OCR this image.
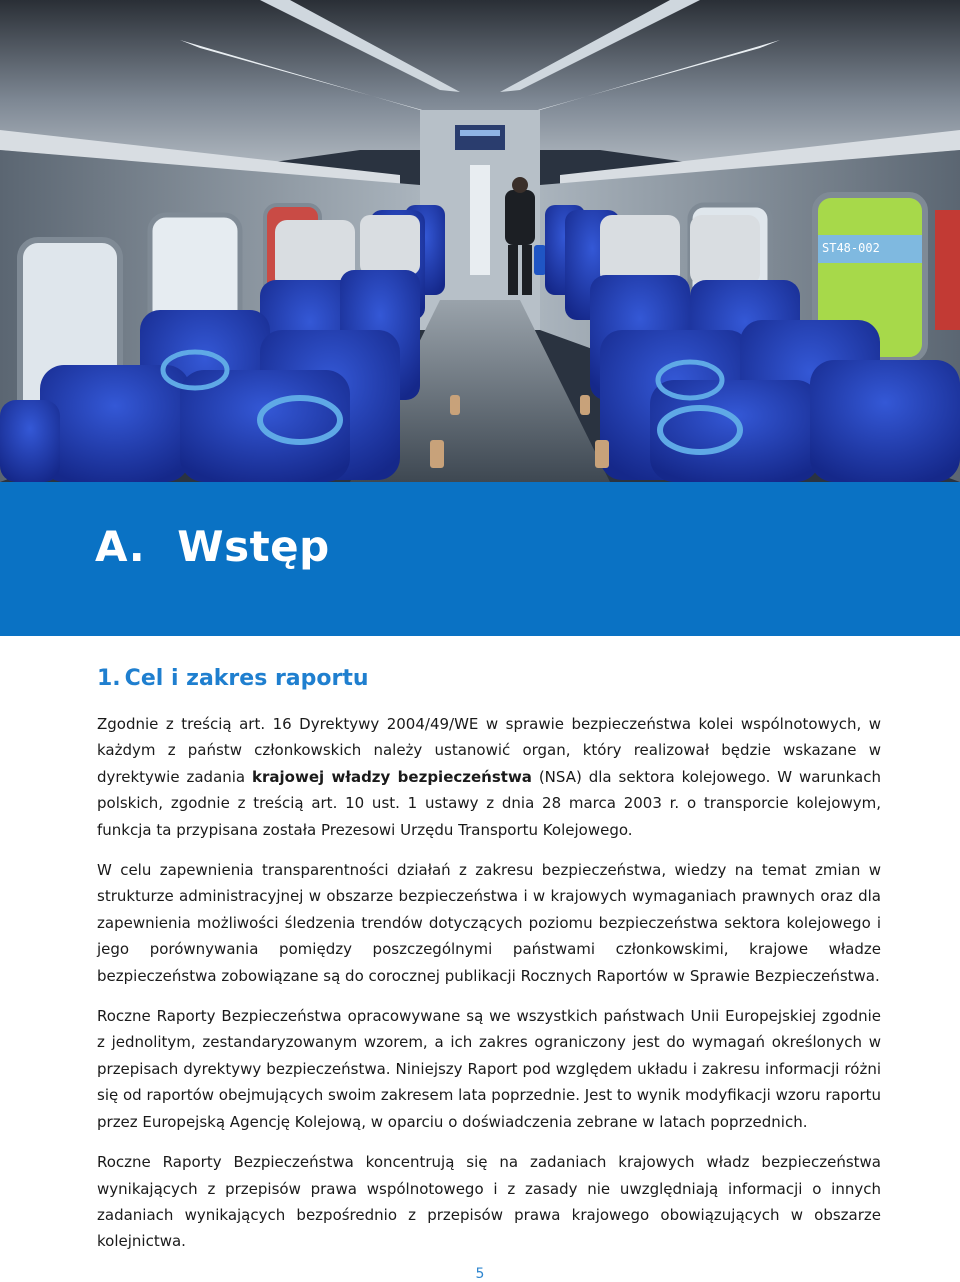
ST48-002
A. Wstęp
1. Cel i zakres raportu

Zgodnie z treścią art. 16 Dyrektywy 2004/49/WE w sprawie bezpieczeństwa kolei wspólnotowych, w każdym z państw członkowskich należy ustanowić organ, który realizował będzie wskazane w dyrektywie zadania krajowej władzy bezpieczeństwa (NSA) dla sektora kolejowego. W warunkach polskich, zgodnie z treścią art. 10 ust. 1 ustawy z dnia 28 marca 2003 r. o transporcie kolejowym, funkcja ta przypisana została Prezesowi Urzędu Transportu Kolejowego.

W celu zapewnienia transparentności działań z zakresu bezpieczeństwa, wiedzy na temat zmian w strukturze administracyjnej w obszarze bezpieczeństwa i w krajowych wymaganiach prawnych oraz dla zapewnienia możliwości śledzenia trendów dotyczących poziomu bezpieczeństwa sektora kolejowego i jego porównywania pomiędzy poszczególnymi państwami członkowskimi, krajowe władze bezpieczeństwa zobowiązane są do corocznej publikacji Rocznych Raportów w Sprawie Bezpieczeństwa.

Roczne Raporty Bezpieczeństwa opracowywane są we wszystkich państwach Unii Europejskiej zgodnie z jednolitym, zestandaryzowanym wzorem, a ich zakres ograniczony jest do wymagań określonych w przepisach dyrektywy bezpieczeństwa. Niniejszy Raport pod względem układu i zakresu informacji różni się od raportów obejmujących swoim zakresem lata poprzednie. Jest to wynik modyfikacji wzoru raportu przez Europejską Agencję Kolejową, w oparciu o doświadczenia zebrane w latach poprzednich.

Roczne Raporty Bezpieczeństwa koncentrują się na zadaniach krajowych władz bezpieczeństwa wynikających z przepisów prawa wspólnotowego i z zasady nie uwzględniają informacji o innych zadaniach wynikających bezpośrednio z przepisów prawa krajowego obowiązujących w obszarze kolejnictwa.

5
